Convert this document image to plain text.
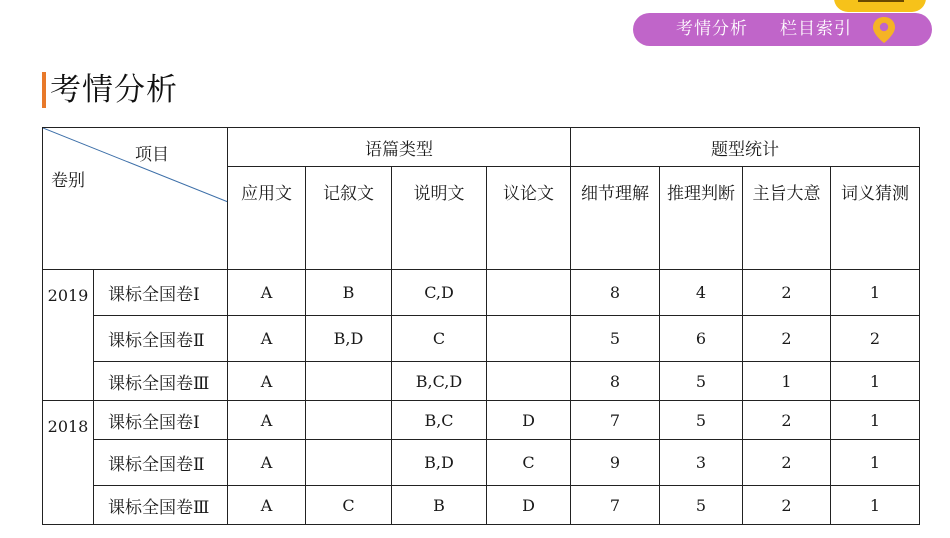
考情分析 栏目索引
考情分析
项目
卷别		语篇类型				题型统计			
		应用文	记叙文	说明文	议论文	细节理解	推理判断	主旨大意	词义猜测
2019	课标全国卷Ⅰ	A	B	C,D		8	4	2	1
	课标全国卷Ⅱ	A	B,D	C		5	6	2	2
	课标全国卷Ⅲ	A		B,C,D		8	5	1	1
2018	课标全国卷Ⅰ	A		B,C	D	7	5	2	1
	课标全国卷Ⅱ	A		B,D	C	9	3	2	1
	课标全国卷Ⅲ	A	C	B	D	7	5	2	1
